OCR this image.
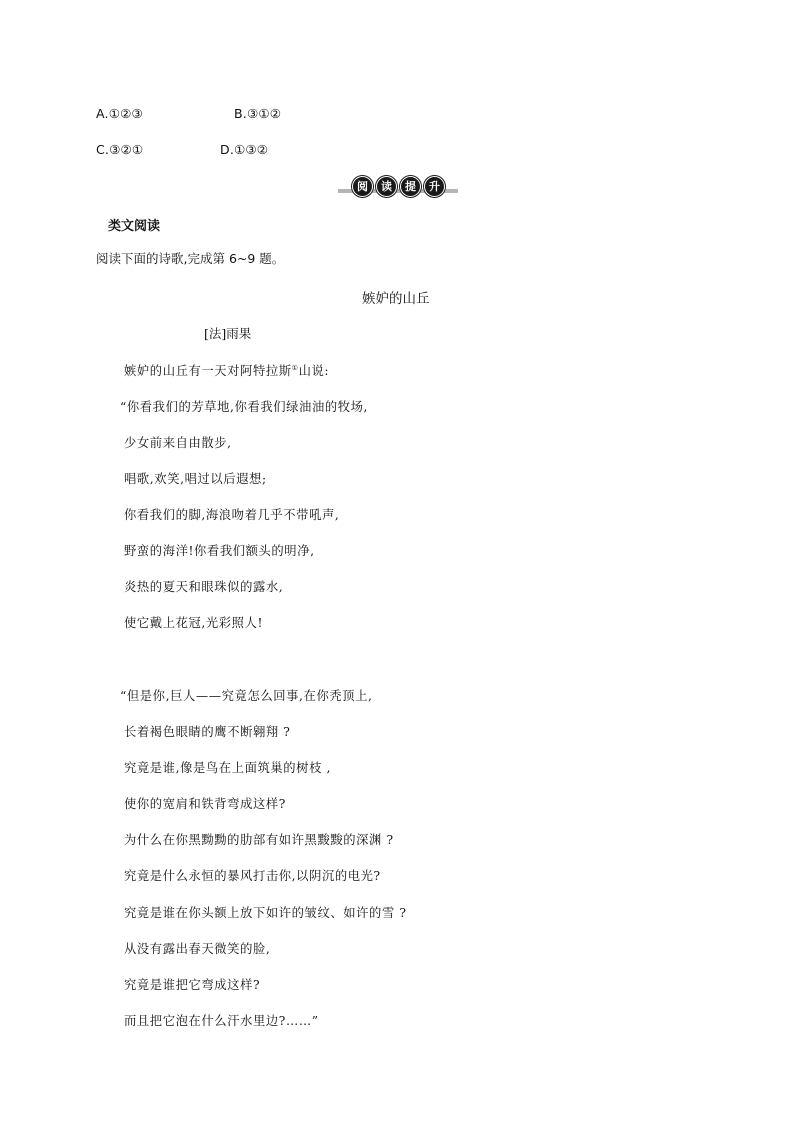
A.①②③	B.③①②
C.③②①	D.①③②
阅	读	提	升
类文阅读
阅读下面的诗歌,完成第 6~9 题。
嫉妒的山丘
[法]雨果
嫉妒的山丘有一天对阿特拉斯①山说:
“你看我们的芳草地,你看我们绿油油的牧场,
少女前来自由散步,
唱歌,欢笑,唱过以后遐想;
你看我们的脚,海浪吻着几乎不带吼声,
野蛮的海洋!你看我们额头的明净,
炎热的夏天和眼珠似的露水,
使它戴上花冠,光彩照人!
“但是你,巨人——究竟怎么回事,在你秃顶上,
长着褐色眼睛的鹰不断翱翔 ?
究竟是谁,像是鸟在上面筑巢的树枝 ,
使你的宽肩和铁背弯成这样?
为什么在你黑黝黝的肋部有如许黑黢黢的深渊 ?
究竟是什么永恒的暴风打击你,以阴沉的电光?
究竟是谁在你头额上放下如许的皱纹、如许的雪 ?
从没有露出春天微笑的脸,
究竟是谁把它弯成这样?
而且把它泡在什么汗水里边?……”
